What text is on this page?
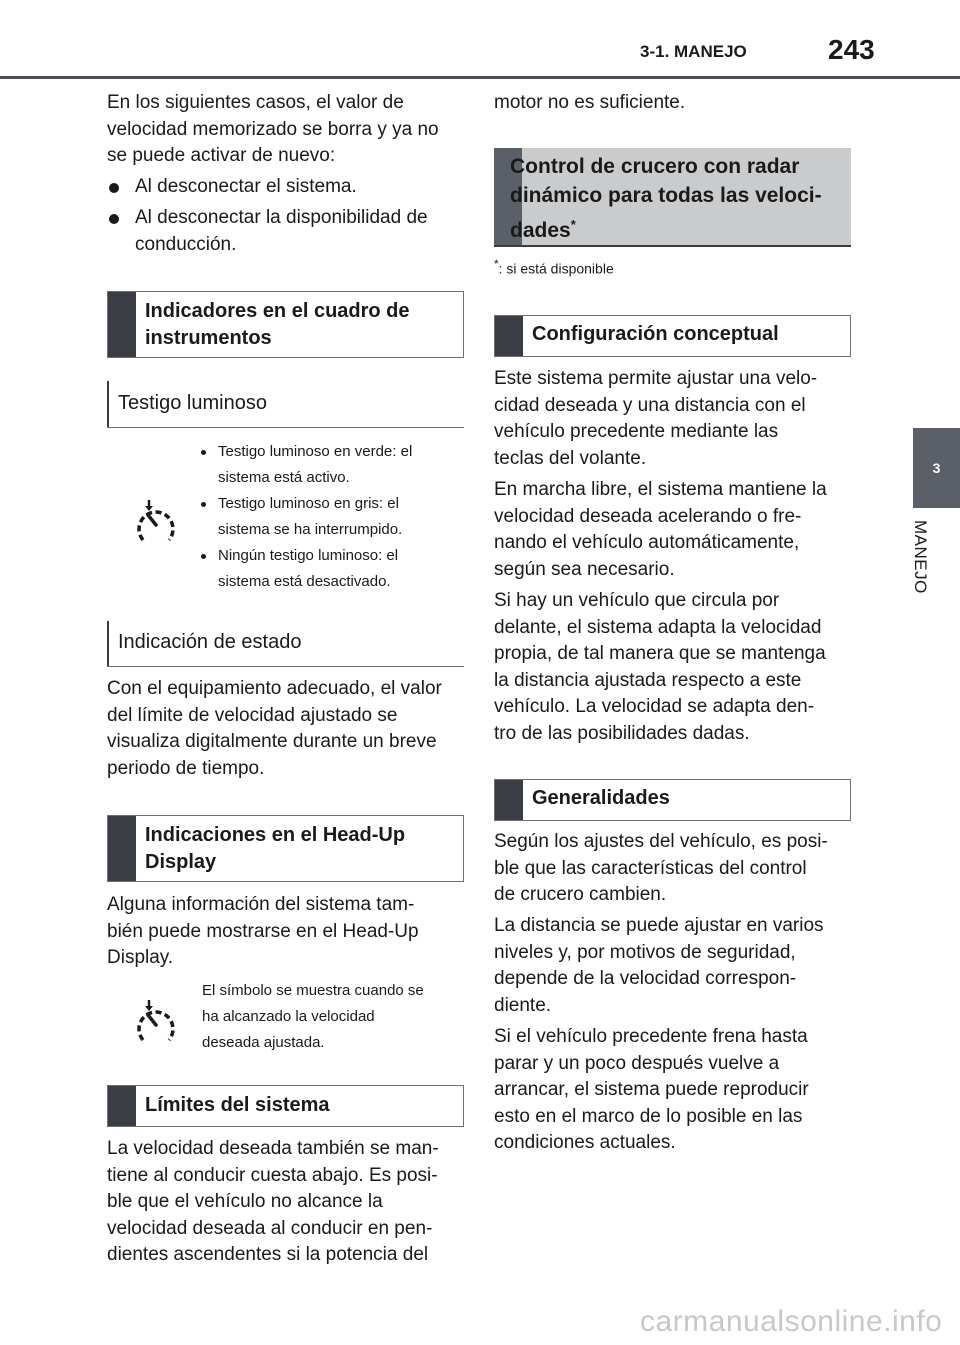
3-1. MANEJO	243
3
MANEJO
En los siguientes casos, el valor de
velocidad memorizado se borra y ya no
se puede activar de nuevo:
Al desconectar el sistema.
Al desconectar la disponibilidad de
conducción.
Indicadores en el cuadro de
instrumentos
Testigo luminoso
Testigo luminoso en verde: el
sistema está activo.
Testigo luminoso en gris: el
sistema se ha interrumpido.
Ningún testigo luminoso: el
sistema está desactivado.
Indicación de estado
Con el equipamiento adecuado, el valor
del límite de velocidad ajustado se
visualiza digitalmente durante un breve
periodo de tiempo.
Indicaciones en el Head-Up
Display
Alguna información del sistema tam-
bién puede mostrarse en el Head-Up
Display.
El símbolo se muestra cuando se
ha alcanzado la velocidad
deseada ajustada.
Límites del sistema
La velocidad deseada también se man-
tiene al conducir cuesta abajo. Es posi-
ble que el vehículo no alcance la
velocidad deseada al conducir en pen-
dientes ascendentes si la potencia del
motor no es suficiente.
Control de crucero con radar
dinámico para todas las veloci-
dades*
*: si está disponible
Configuración conceptual
Este sistema permite ajustar una velo-
cidad deseada y una distancia con el
vehículo precedente mediante las
teclas del volante.
En marcha libre, el sistema mantiene la
velocidad deseada acelerando o fre-
nando el vehículo automáticamente,
según sea necesario.
Si hay un vehículo que circula por
delante, el sistema adapta la velocidad
propia, de tal manera que se mantenga
la distancia ajustada respecto a este
vehículo. La velocidad se adapta den-
tro de las posibilidades dadas.
Generalidades
Según los ajustes del vehículo, es posi-
ble que las características del control
de crucero cambien.
La distancia se puede ajustar en varios
niveles y, por motivos de seguridad,
depende de la velocidad correspon-
diente.
Si el vehículo precedente frena hasta
parar y un poco después vuelve a
arrancar, el sistema puede reproducir
esto en el marco de lo posible en las
condiciones actuales.
carmanualsonline.info
